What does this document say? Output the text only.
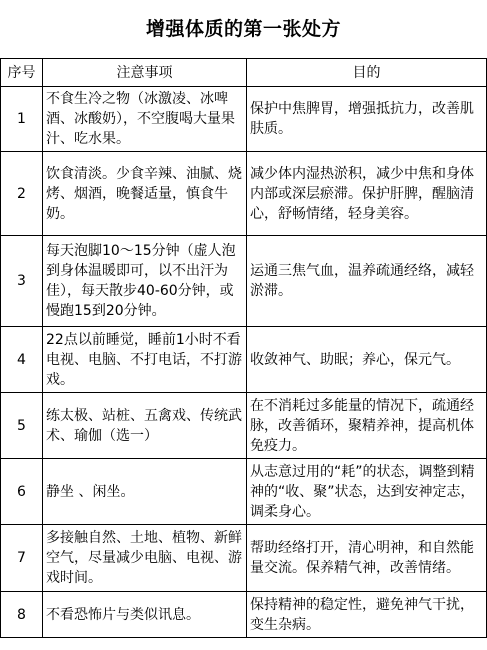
增强体质的第一张处方
序号	注意事项	目的
1	不食生冷之物（冰激凌、冰啤酒、冰酸奶），不空腹喝大量果汁、吃水果。	保护中焦脾胃，增强抵抗力，改善肌肤质。
2	饮食清淡。少食辛辣、油腻、烧烤、烟酒，晚餐适量，慎食牛奶。	减少体内湿热淤积，减少中焦和身体内部或深层瘀滞。保护肝脾，醒脑清心，舒畅情绪，轻身美容。
3	每天泡脚10～15分钟（虚人泡到身体温暖即可，以不出汗为佳），每天散步40-60分钟，或慢跑15到20分钟。	运通三焦气血，温养疏通经络，减轻淤滞。
4	22点以前睡觉，睡前1小时不看电视、电脑、不打电话，不打游戏。	收敛神气、助眠；养心，保元气。
5	练太极、站桩、五禽戏、传统武术、瑜伽（选一）	在不消耗过多能量的情况下，疏通经脉，改善循环，聚精养神，提高机体免疫力。
6	静坐 、闲坐。	从志意过用的“耗”的状态，调整到精神的“收、聚”状态，达到安神定志，调柔身心。
7	多接触自然、土地、植物、新鲜空气，尽量减少电脑、电视、游戏时间。	帮助经络打开，清心明神，和自然能量交流。保养精气神，改善情绪。
8	不看恐怖片与类似讯息。	保持精神的稳定性，避免神气干扰，变生杂病。
